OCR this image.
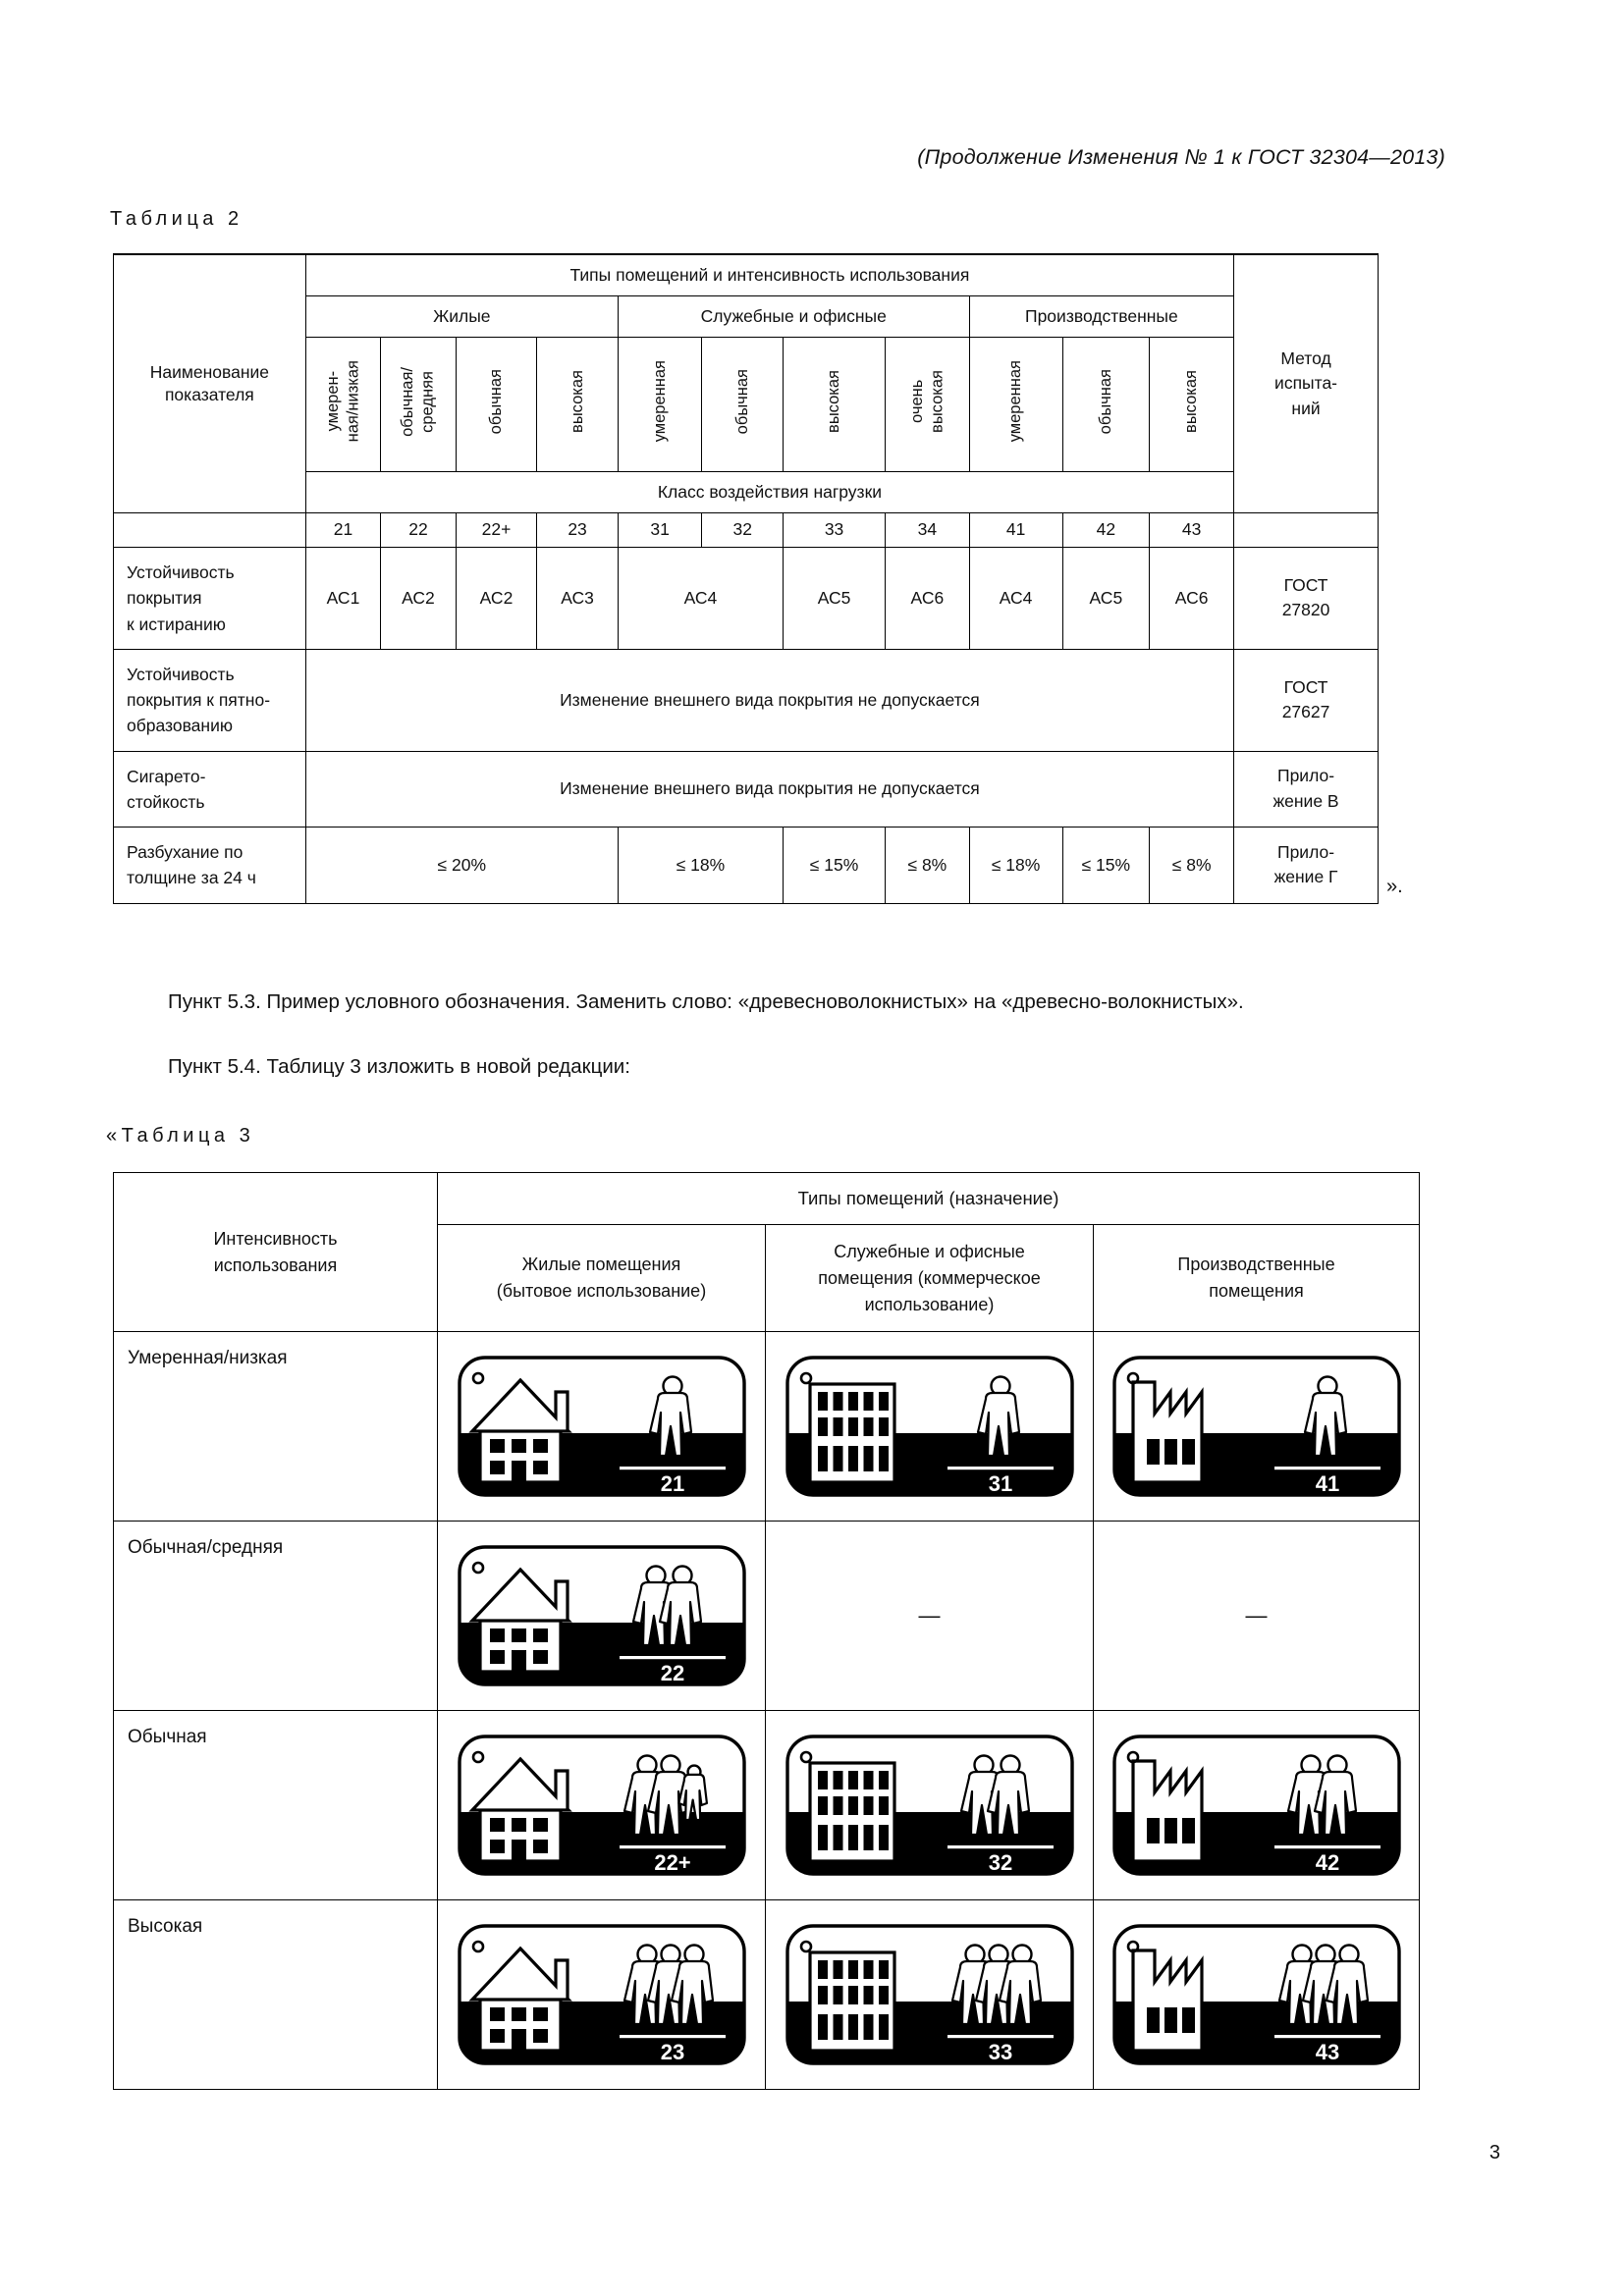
(Продолжение Изменения № 1 к ГОСТ 32304—2013)
Таблица 2
Наименование
показателя	Типы помещений и интенсивность использования											Метод
испыта-
ний
	Жилые				Служебные и офисные				Производственные			
	умерен- ная/низкая	обычная/ средняя	обычная	высокая	умеренная	обычная	высокая	очень высокая	умеренная	обычная	высокая	
	Класс воздействия нагрузки											
	21	22	22+	23	31	32	33	34	41	42	43	
Устойчивость
покрытия
к истиранию	АС1	АС2	АС2	АС3	АС4		АС5	АС6	АС4	АС5	АС6	ГОСТ
27820
Устойчивость
покрытия к пятно-
образованию	Изменение внешнего вида покрытия не допускается											ГОСТ
27627
Сигарето-
стойкость	Изменение внешнего вида покрытия не допускается											Прило-
жение В
Разбухание по
толщине за 24 ч	≤ 20%				≤ 18%		≤ 15%	≤ 8%	≤ 18%	≤ 15%	≤ 8%	Прило-
жение Г ».
Пункт 5.3. Пример условного обозначения. Заменить слово: «древесноволокнистых» на «древесно-волокнистых».
Пункт 5.4. Таблицу 3 изложить в новой редакции:
«Таблица 3
Интенсивность
использования	Типы помещений (назначение)		
	Жилые помещения
(бытовое использование)	Служебные и офисные
помещения (коммерческое
использование)	Производственные
помещения
Умеренная/низкая	21	31	41

Обычная/средняя	22	—	—
Обычная	22+	32	42

Высокая	23	33	43
3
